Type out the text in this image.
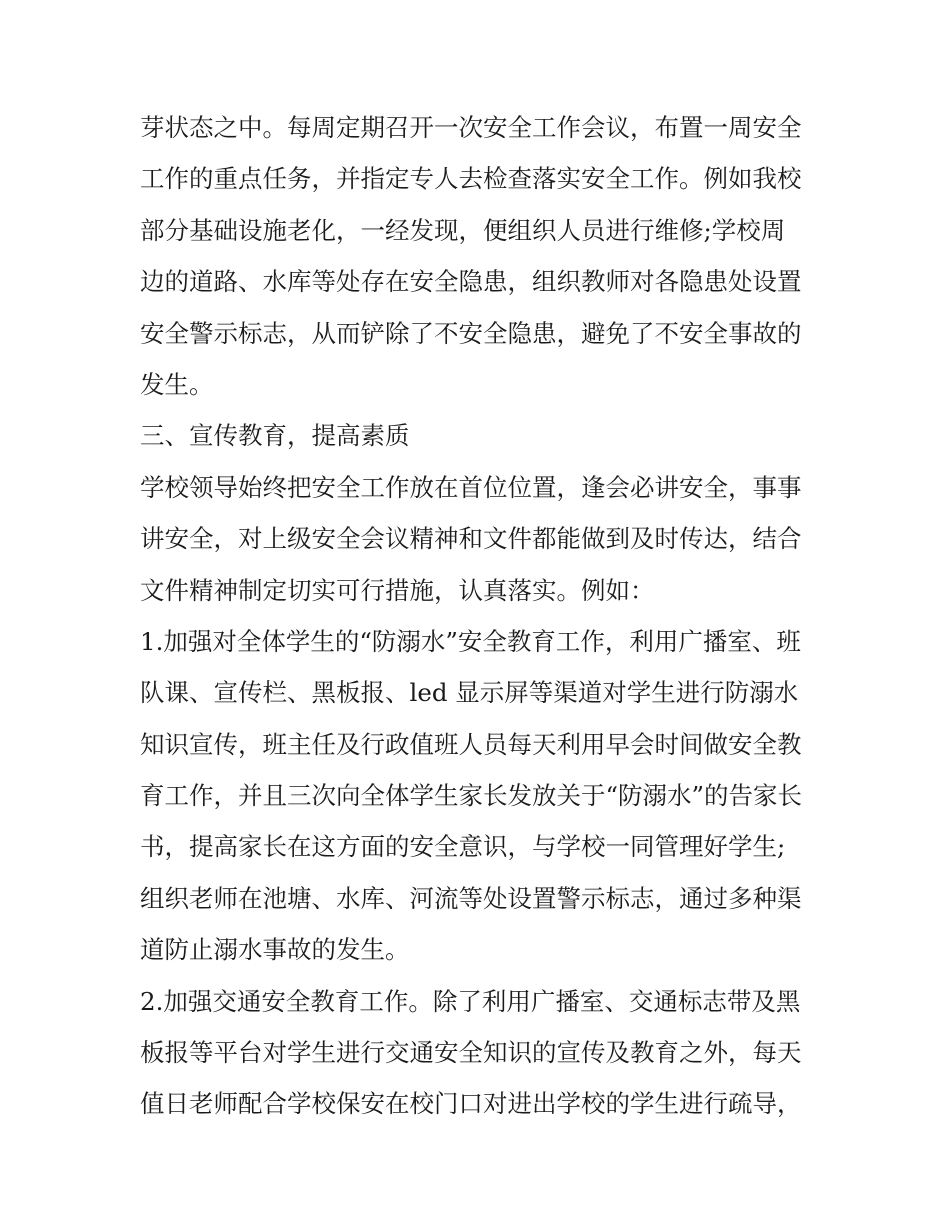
芽状态之中。每周定期召开一次安全工作会议，布置一周安全
工作的重点任务，并指定专人去检查落实安全工作。例如我校
部分基础设施老化，一经发现，便组织人员进行维修;学校周
边的道路、水库等处存在安全隐患，组织教师对各隐患处设置
安全警示标志，从而铲除了不安全隐患，避免了不安全事故的
发生。
三、宣传教育，提高素质
学校领导始终把安全工作放在首位位置，逢会必讲安全，事事
讲安全，对上级安全会议精神和文件都能做到及时传达，结合
文件精神制定切实可行措施，认真落实。例如：
1.加强对全体学生的“防溺水”安全教育工作，利用广播室、班
队课、宣传栏、黑板报、led 显示屏等渠道对学生进行防溺水
知识宣传，班主任及行政值班人员每天利用早会时间做安全教
育工作，并且三次向全体学生家长发放关于“防溺水”的告家长
书，提高家长在这方面的安全意识，与学校一同管理好学生;
组织老师在池塘、水库、河流等处设置警示标志，通过多种渠
道防止溺水事故的发生。
2.加强交通安全教育工作。除了利用广播室、交通标志带及黑
板报等平台对学生进行交通安全知识的宣传及教育之外，每天
值日老师配合学校保安在校门口对进出学校的学生进行疏导，
